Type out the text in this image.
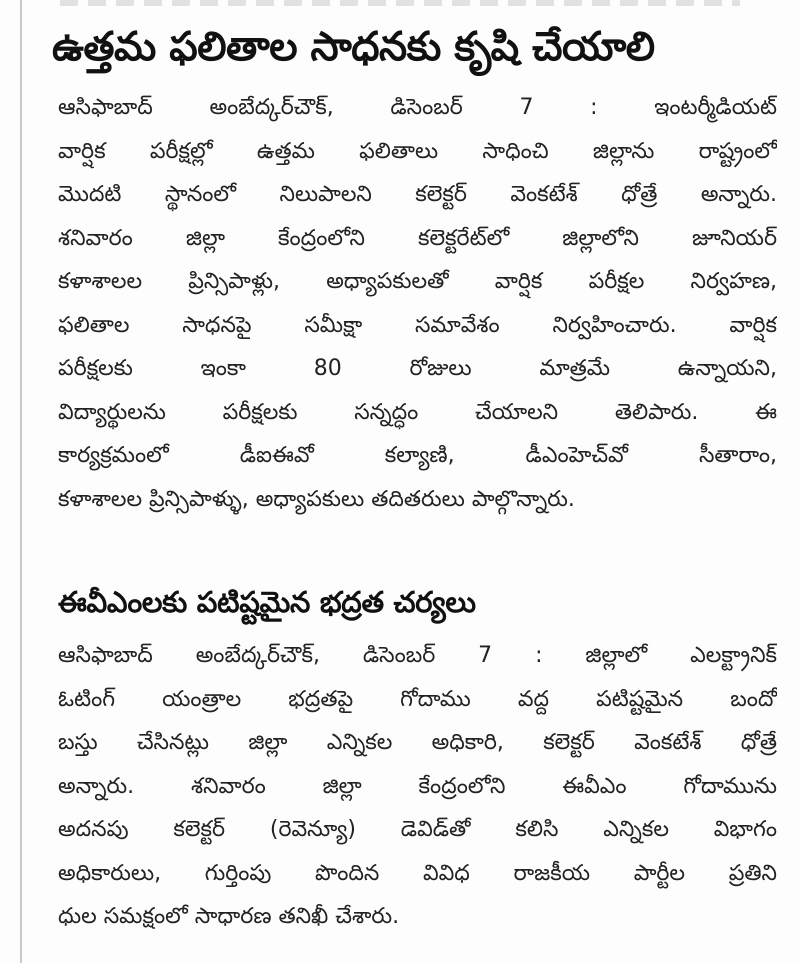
ఉత్తమ ఫలితాల సాధనకు కృషి చేయాలి
ఆసిఫాబాద్ అంబేద్కర్‌చౌక్, డిసెంబర్ 7 : ఇంటర్మీడియట్
వార్షిక పరీక్షల్లో ఉత్తమ ఫలితాలు సాధించి జిల్లాను రాష్ట్రంలో
మొదటి స్థానంలో నిలుపాలని కలెక్టర్ వెంకటేశ్ ధోత్రే అన్నారు.
శనివారం జిల్లా కేంద్రంలోని కలెక్టరేట్‌లో జిల్లాలోని జూనియర్
కళాశాలల ప్రిన్సిపాళ్లు, అధ్యాపకులతో వార్షిక పరీక్షల నిర్వహణ,
ఫలితాల సాధనపై సమీక్షా సమావేశం నిర్వహించారు. వార్షిక
పరీక్షలకు ఇంకా 80 రోజులు మాత్రమే ఉన్నాయని,
విద్యార్థులను పరీక్షలకు సన్నద్ధం చేయాలని తెలిపారు. ఈ
కార్యక్రమంలో డీఐఈవో కల్యాణి, డీఎంహెచ్‌వో సీతారాం,
కళాశాలల ప్రిన్సిపాళ్ళు, అధ్యాపకులు తదితరులు పాల్గొన్నారు.
ఈవీఎంలకు పటిష్టమైన భద్రత చర్యలు
ఆసిఫాబాద్ అంబేద్కర్‌చౌక్, డిసెంబర్ 7 : జిల్లాలో ఎలక్ట్రానిక్
ఓటింగ్ యంత్రాల భద్రతపై గోదాము వద్ద పటిష్టమైన బందో
బస్తు చేసినట్లు జిల్లా ఎన్నికల అధికారి, కలెక్టర్ వెంకటేశ్ ధోత్రే
అన్నారు. శనివారం జిల్లా కేంద్రంలోని ఈవీఎం గోదామును
అదనపు కలెక్టర్ (రెవెన్యూ) డెవిడ్‌తో కలిసి ఎన్నికల విభాగం
అధికారులు, గుర్తింపు పొందిన వివిధ రాజకీయ పార్టీల ప్రతిని
ధుల సమక్షంలో సాధారణ తనిఖీ చేశారు.
